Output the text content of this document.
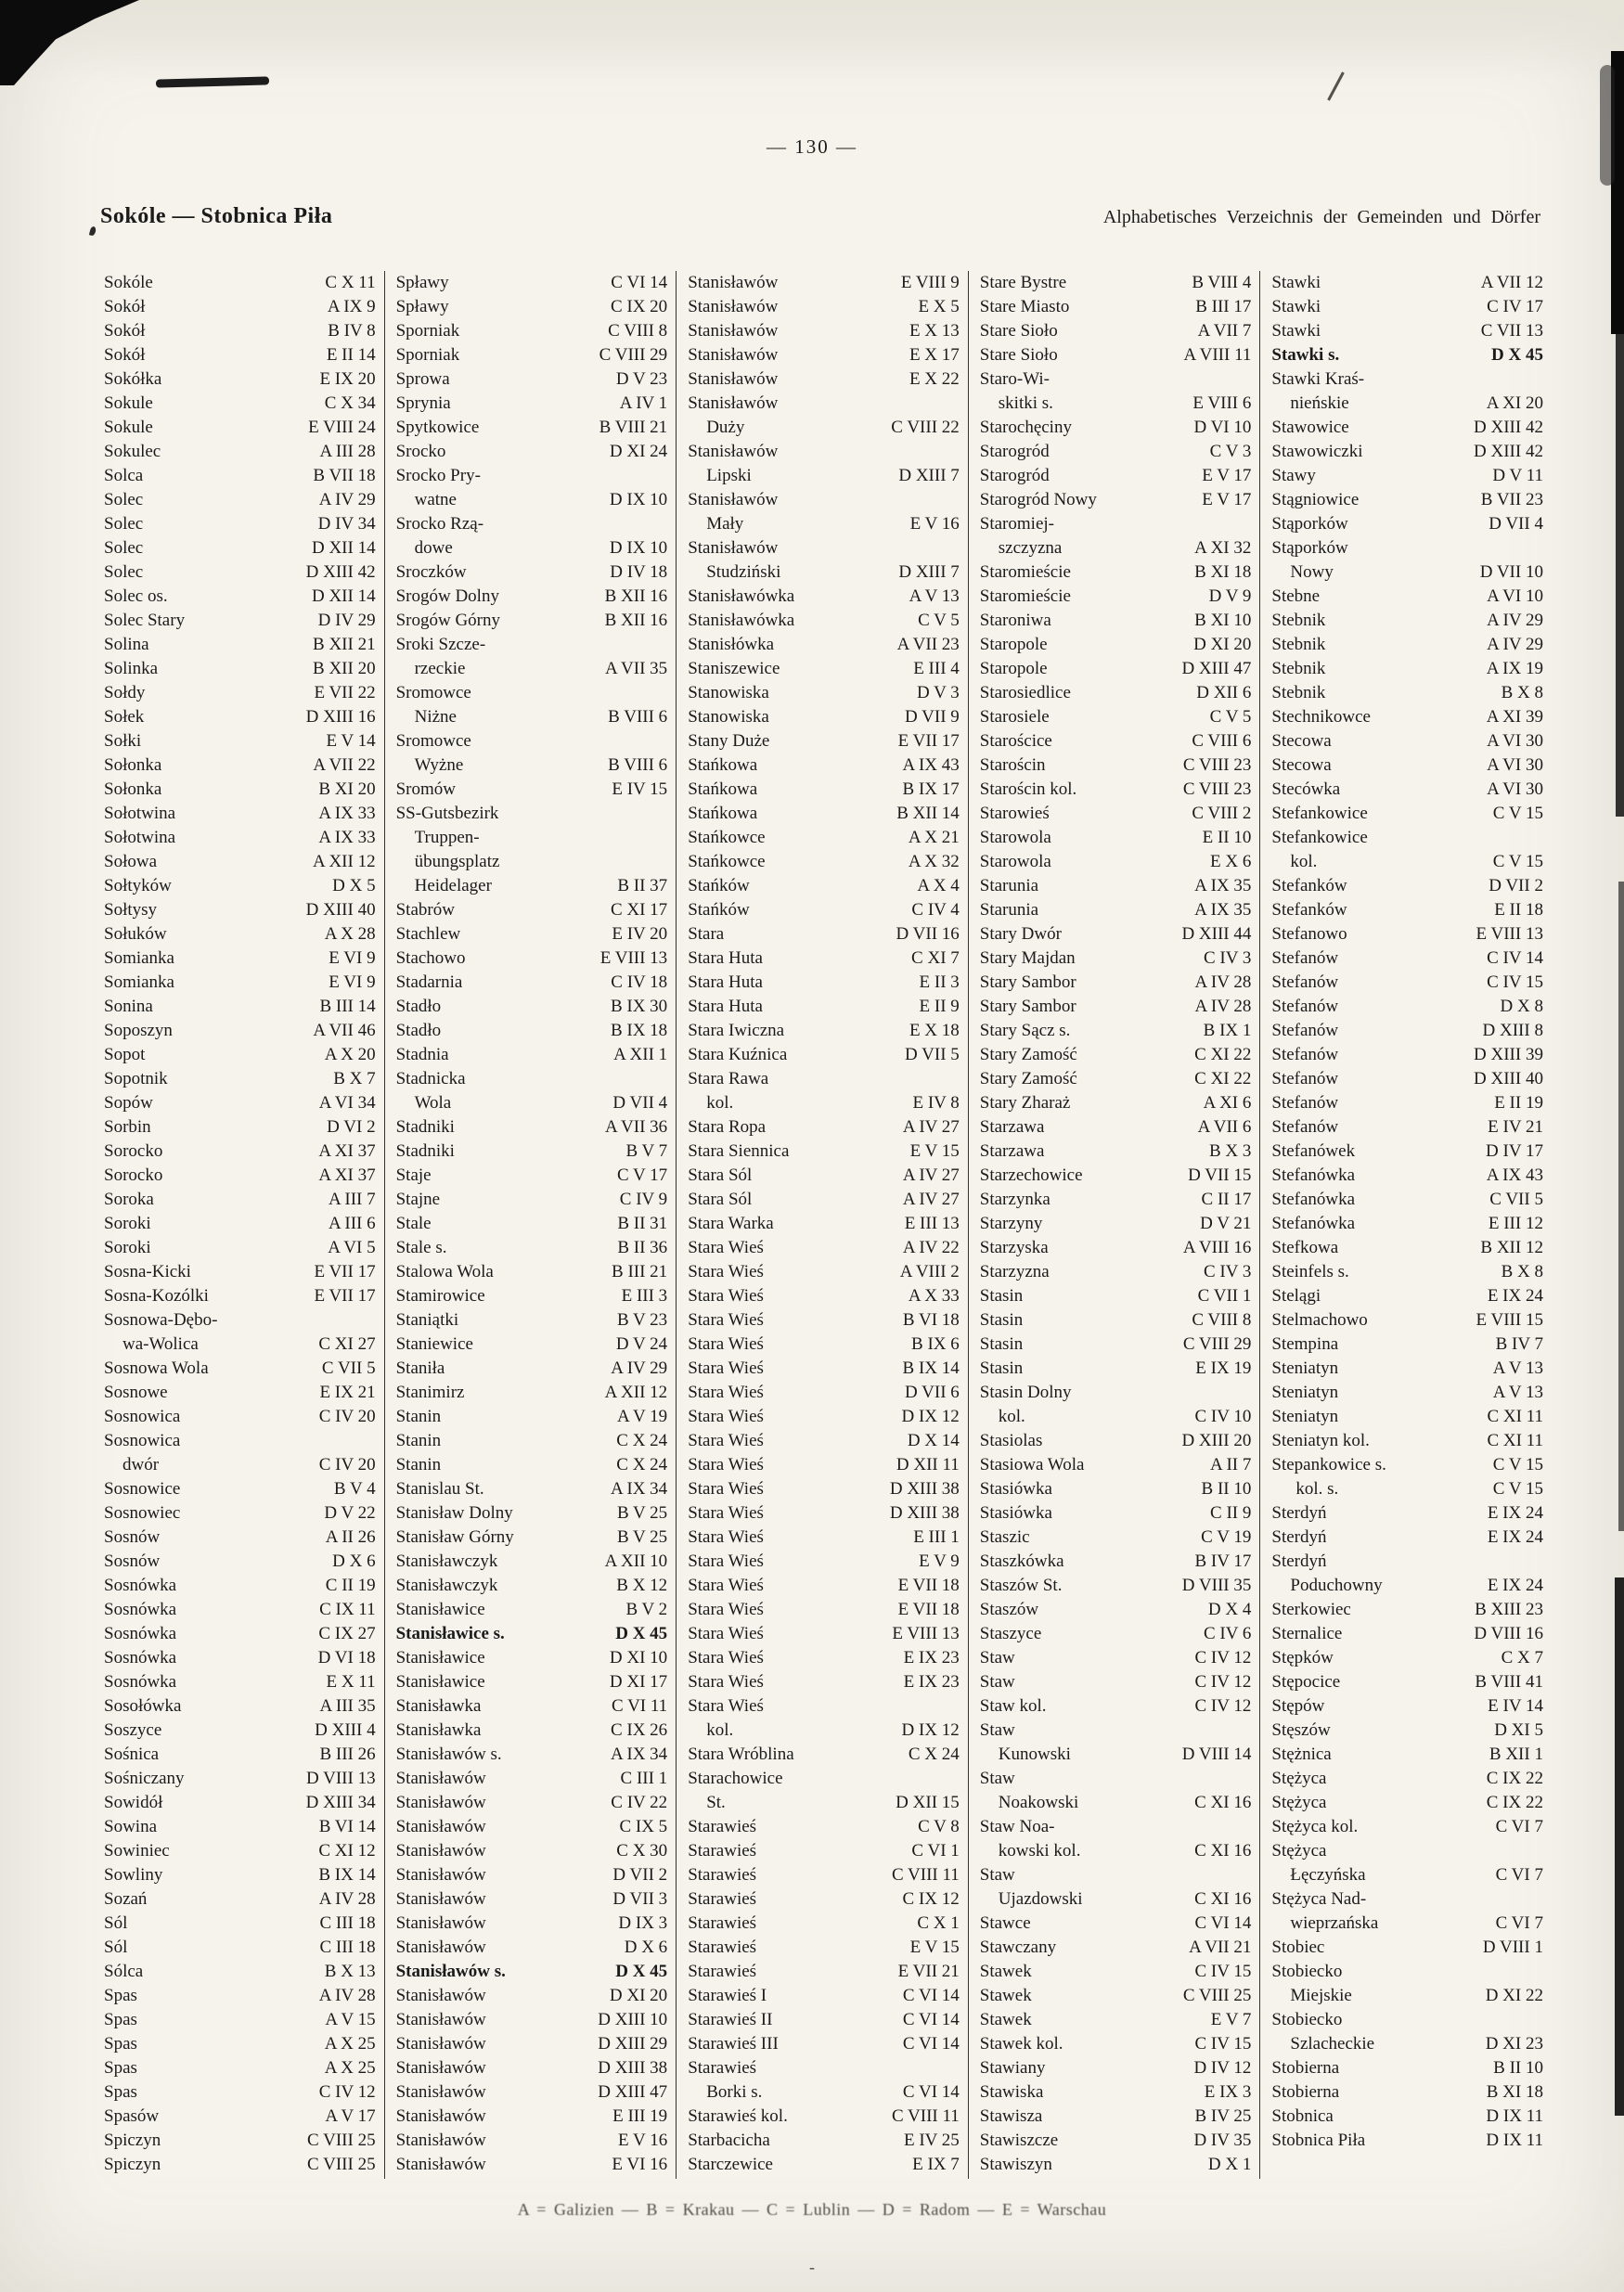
— 130 —
Sokóle — Stobnica Piła	Alphabetisches Verzeichnis der Gemeinden und Dörfer
Sokóle	C X 11
Sokół	A IX 9
Sokół	B IV 8
Sokół	E II 14
Sokółka	E IX 20
Sokule	C X 34
Sokule	E VIII 24
Sokulec	A III 28
Solca	B VII 18
Solec	A IV 29
Solec	D IV 34
Solec	D XII 14
Solec	D XIII 42
Solec os.	D XII 14
Solec Stary	D IV 29
Solina	B XII 21
Solinka	B XII 20
Sołdy	E VII 22
Sołek	D XIII 16
Sołki	E V 14
Sołonka	A VII 22
Sołonka	B XI 20
Sołotwina	A IX 33
Sołotwina	A IX 33
Sołowa	A XII 12
Sołtyków	D X 5
Sołtysy	D XIII 40
Sołuków	A X 28
Somianka	E VI 9
Somianka	E VI 9
Sonina	B III 14
Soposzyn	A VII 46
Sopot	A X 20
Sopotnik	B X 7
Sopów	A VI 34
Sorbin	D VI 2
Sorocko	A XI 37
Sorocko	A XI 37
Soroka	A III 7
Soroki	A III 6
Soroki	A VI 5
Sosna-Kicki	E VII 17
Sosna-Kozólki	E VII 17
Sosnowa-Dębo-
wa-Wolica	C XI 27
Sosnowa Wola	C VII 5
Sosnowe	E IX 21
Sosnowica	C IV 20
Sosnowica
dwór	C IV 20
Sosnowice	B V 4
Sosnowiec	D V 22
Sosnów	A II 26
Sosnów	D X 6
Sosnówka	C II 19
Sosnówka	C IX 11
Sosnówka	C IX 27
Sosnówka	D VI 18
Sosnówka	E X 11
Sosołówka	A III 35
Soszyce	D XIII 4
Sośnica	B III 26
Sośniczany	D VIII 13
Sowidół	D XIII 34
Sowina	B VI 14
Sowiniec	C XI 12
Sowliny	B IX 14
Sozań	A IV 28
Sól	C III 18
Sól	C III 18
Sólca	B X 13
Spas	A IV 28
Spas	A V 15
Spas	A X 25
Spas	A X 25
Spas	C IV 12
Spasów	A V 17
Spiczyn	C VIII 25
Spiczyn	C VIII 25
Spławy	C VI 14
Spławy	C IX 20
Sporniak	C VIII 8
Sporniak	C VIII 29
Sprowa	D V 23
Sprynia	A IV 1
Spytkowice	B VIII 21
Srocko	D XI 24
Srocko Pry-
watne	D IX 10
Srocko Rzą-
dowe	D IX 10
Sroczków	D IV 18
Srogów Dolny	B XII 16
Srogów Górny	B XII 16
Sroki Szcze-
rzeckie	A VII 35
Sromowce
Niżne	B VIII 6
Sromowce
Wyżne	B VIII 6
Sromów	E IV 15
SS-Gutsbezirk
Truppen-
übungsplatz
Heidelager	B II 37
Stabrów	C XI 17
Stachlew	E IV 20
Stachowo	E VIII 13
Stadarnia	C IV 18
Stadło	B IX 30
Stadło	B IX 18
Stadnia	A XII 1
Stadnicka
Wola	D VII 4
Stadniki	A VII 36
Stadniki	B V 7
Staje	C V 17
Stajne	C IV 9
Stale	B II 31
Stale s.	B II 36
Stalowa Wola	B III 21
Stamirowice	E III 3
Staniątki	B V 23
Staniewice	D V 24
Staniła	A IV 29
Stanimirz	A XII 12
Stanin	A V 19
Stanin	C X 24
Stanin	C X 24
Stanislau St.	A IX 34
Stanisław Dolny	B V 25
Stanisław Górny	B V 25
Stanisławczyk	A XII 10
Stanisławczyk	B X 12
Stanisławice	B V 2
Stanisławice s.	D X 45
Stanisławice	D XI 10
Stanisławice	D XI 17
Stanisławka	C VI 11
Stanisławka	C IX 26
Stanisławów s.	A IX 34
Stanisławów	C III 1
Stanisławów	C IV 22
Stanisławów	C IX 5
Stanisławów	C X 30
Stanisławów	D VII 2
Stanisławów	D VII 3
Stanisławów	D IX 3
Stanisławów	D X 6
Stanisławów s.	D X 45
Stanisławów	D XI 20
Stanisławów	D XIII 10
Stanisławów	D XIII 29
Stanisławów	D XIII 38
Stanisławów	D XIII 47
Stanisławów	E III 19
Stanisławów	E V 16
Stanisławów	E VI 16
Stanisławów	E VIII 9
Stanisławów	E X 5
Stanisławów	E X 13
Stanisławów	E X 17
Stanisławów	E X 22
Stanisławów
Duży	C VIII 22
Stanisławów
Lipski	D XIII 7
Stanisławów
Mały	E V 16
Stanisławów
Studziński	D XIII 7
Stanisławówka	A V 13
Stanisławówka	C V 5
Stanisłówka	A VII 23
Staniszewice	E III 4
Stanowiska	D V 3
Stanowiska	D VII 9
Stany Duże	E VII 17
Stańkowa	A IX 43
Stańkowa	B IX 17
Stańkowa	B XII 14
Stańkowce	A X 21
Stańkowce	A X 32
Stańków	A X 4
Stańków	C IV 4
Stara	D VII 16
Stara Huta	C XI 7
Stara Huta	E II 3
Stara Huta	E II 9
Stara Iwiczna	E X 18
Stara Kuźnica	D VII 5
Stara Rawa
kol.	E IV 8
Stara Ropa	A IV 27
Stara Siennica	E V 15
Stara Sól	A IV 27
Stara Sól	A IV 27
Stara Warka	E III 13
Stara Wieś	A IV 22
Stara Wieś	A VIII 2
Stara Wieś	A X 33
Stara Wieś	B VI 18
Stara Wieś	B IX 6
Stara Wieś	B IX 14
Stara Wieś	D VII 6
Stara Wieś	D IX 12
Stara Wieś	D X 14
Stara Wieś	D XII 11
Stara Wieś	D XIII 38
Stara Wieś	D XIII 38
Stara Wieś	E III 1
Stara Wieś	E V 9
Stara Wieś	E VII 18
Stara Wieś	E VII 18
Stara Wieś	E VIII 13
Stara Wieś	E IX 23
Stara Wieś	E IX 23
Stara Wieś
kol.	D IX 12
Stara Wróblina	C X 24
Starachowice
St.	D XII 15
Starawieś	C V 8
Starawieś	C VI 1
Starawieś	C VIII 11
Starawieś	C IX 12
Starawieś	C X 1
Starawieś	E V 15
Starawieś	E VII 21
Starawieś I	C VI 14
Starawieś II	C VI 14
Starawieś III	C VI 14
Starawieś
Borki s.	C VI 14
Starawieś kol.	C VIII 11
Starbacicha	E IV 25
Starczewice	E IX 7
Stare Bystre	B VIII 4
Stare Miasto	B III 17
Stare Sioło	A VII 7
Stare Sioło	A VIII 11
Staro-Wi-
skitki s.	E VIII 6
Starochęciny	D VI 10
Starogród	C V 3
Starogród	E V 17
Starogród Nowy	E V 17
Staromiej-
szczyzna	A XI 32
Staromieście	B XI 18
Staromieście	D V 9
Staroniwa	B XI 10
Staropole	D XI 20
Staropole	D XIII 47
Starosiedlice	D XII 6
Starosiele	C V 5
Starościce	C VIII 6
Starościn	C VIII 23
Starościn kol.	C VIII 23
Starowieś	C VIII 2
Starowola	E II 10
Starowola	E X 6
Starunia	A IX 35
Starunia	A IX 35
Stary Dwór	D XIII 44
Stary Majdan	C IV 3
Stary Sambor	A IV 28
Stary Sambor	A IV 28
Stary Sącz s.	B IX 1
Stary Zamość	C XI 22
Stary Zamość	C XI 22
Stary Zharaż	A XI 6
Starzawa	A VII 6
Starzawa	B X 3
Starzechowice	D VII 15
Starzynka	C II 17
Starzyny	D V 21
Starzyska	A VIII 16
Starzyzna	C IV 3
Stasin	C VII 1
Stasin	C VIII 8
Stasin	C VIII 29
Stasin	E IX 19
Stasin Dolny
kol.	C IV 10
Stasiolas	D XIII 20
Stasiowa Wola	A II 7
Stasiówka	B II 10
Stasiówka	C II 9
Staszic	C V 19
Staszkówka	B IV 17
Staszów St.	D VIII 35
Staszów	D X 4
Staszyce	C IV 6
Staw	C IV 12
Staw	C IV 12
Staw kol.	C IV 12
Staw
Kunowski	D VIII 14
Staw
Noakowski	C XI 16
Staw Noa-
kowski kol.	C XI 16
Staw
Ujazdowski	C XI 16
Stawce	C VI 14
Stawczany	A VII 21
Stawek	C IV 15
Stawek	C VIII 25
Stawek	E V 7
Stawek kol.	C IV 15
Stawiany	D IV 12
Stawiska	E IX 3
Stawisza	B IV 25
Stawiszcze	D IV 35
Stawiszyn	D X 1
Stawki	A VII 12
Stawki	C IV 17
Stawki	C VII 13
Stawki s.	D X 45
Stawki Kraś-
nieńskie	A XI 20
Stawowice	D XIII 42
Stawowiczki	D XIII 42
Stawy	D V 11
Stągniowice	B VII 23
Stąporków	D VII 4
Stąporków
Nowy	D VII 10
Stebne	A VI 10
Stebnik	A IV 29
Stebnik	A IV 29
Stebnik	A IX 19
Stebnik	B X 8
Stechnikowce	A XI 39
Stecowa	A VI 30
Stecowa	A VI 30
Stecówka	A VI 30
Stefankowice	C V 15
Stefankowice
kol.	C V 15
Stefanków	D VII 2
Stefanków	E II 18
Stefanowo	E VIII 13
Stefanów	C IV 14
Stefanów	C IV 15
Stefanów	D X 8
Stefanów	D XIII 8
Stefanów	D XIII 39
Stefanów	D XIII 40
Stefanów	E II 19
Stefanów	E IV 21
Stefanówek	D IV 17
Stefanówka	A IX 43
Stefanówka	C VII 5
Stefanówka	E III 12
Stefkowa	B XII 12
Steinfels s.	B X 8
Stelągi	E IX 24
Stelmachowo	E VIII 15
Stempina	B IV 7
Steniatyn	A V 13
Steniatyn	A V 13
Steniatyn	C XI 11
Steniatyn kol.	C XI 11
Stepankowice s.	C V 15
kol. s.	C V 15
Sterdyń	E IX 24
Sterdyń	E IX 24
Sterdyń
Poduchowny	E IX 24
Sterkowiec	B XIII 23
Sternalice	D VIII 16
Stępków	C X 7
Stępocice	B VIII 41
Stępów	E IV 14
Stęszów	D XI 5
Stężnica	B XII 1
Stężyca	C IX 22
Stężyca	C IX 22
Stężyca kol.	C VI 7
Stężyca
Łęczyńska	C VI 7
Stężyca Nad-
wieprzańska	C VI 7
Stobiec	D VIII 1
Stobiecko
Miejskie	D XI 22
Stobiecko
Szlacheckie	D XI 23
Stobierna	B II 10
Stobierna	B XI 18
Stobnica	D IX 11
Stobnica Piła	D IX 11
A = Galizien — B = Krakau — C = Lublin — D = Radom — E = Warschau
-
